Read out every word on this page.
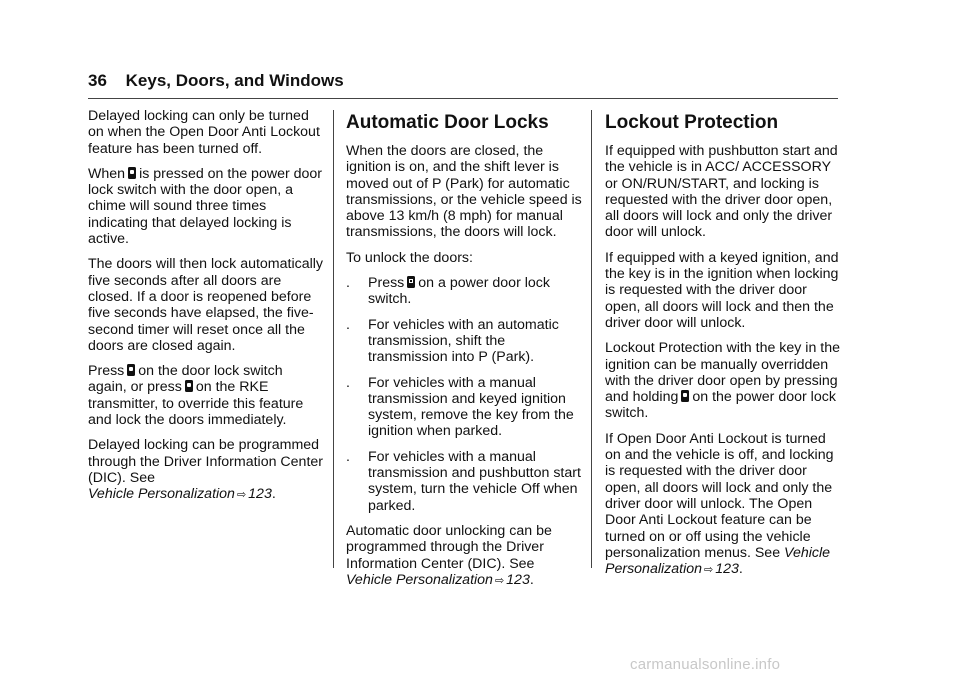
36 Keys, Doors, and Windows

Delayed locking can only be turned on when the Open Door Anti Lockout feature has been turned off.

When is pressed on the power door lock switch with the door open, a chime will sound three times indicating that delayed locking is active.

The doors will then lock automatically five seconds after all doors are closed. If a door is reopened before five seconds have elapsed, the five-second timer will reset once all the doors are closed again.

Press on the door lock switch again, or press on the RKE transmitter, to override this feature and lock the doors immediately.

Delayed locking can be programmed through the Driver Information Center (DIC). See
Vehicle Personalization ⇨ 123.

Automatic Door Locks

When the doors are closed, the ignition is on, and the shift lever is moved out of P (Park) for automatic transmissions, or the vehicle speed is above 13 km/h (8 mph) for manual transmissions, the doors will lock.

To unlock the doors:

. Press on a power door lock switch.
. For vehicles with an automatic transmission, shift the transmission into P (Park).
. For vehicles with a manual transmission and keyed ignition system, remove the key from the ignition when parked.
. For vehicles with a manual transmission and pushbutton start system, turn the vehicle Off when parked.

Automatic door unlocking can be programmed through the Driver Information Center (DIC). See
Vehicle Personalization ⇨ 123.

Lockout Protection

If equipped with pushbutton start and the vehicle is in ACC/ ACCESSORY or ON/RUN/START, and locking is requested with the driver door open, all doors will lock and only the driver door will unlock.

If equipped with a keyed ignition, and the key is in the ignition when locking is requested with the driver door open, all doors will lock and then the driver door will unlock.

Lockout Protection with the key in the ignition can be manually overridden with the driver door open by pressing and holding on the power door lock switch.

If Open Door Anti Lockout is turned on and the vehicle is off, and locking is requested with the driver door open, all doors will lock and only the driver door will unlock. The Open Door Anti Lockout feature can be turned on or off using the vehicle personalization menus. See Vehicle Personalization ⇨ 123.

carmanualsonline.info
